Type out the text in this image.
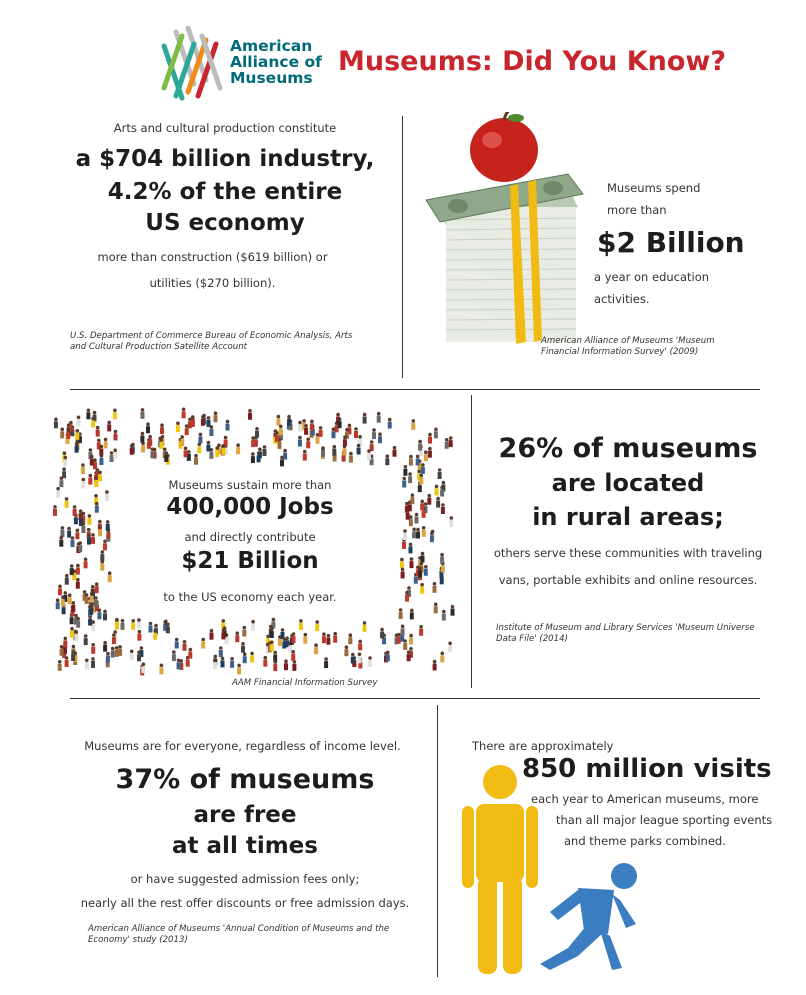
American
Alliance of
Museums
Museums: Did You Know?
Arts and cultural production constitute
a $704 billion industry,
4.2% of the entire
US economy
more than construction ($619 billion) or
utilities ($270 billion).
U.S. Department of Commerce Bureau of Economic Analysis, Arts
and Cultural Production Satellite Account
Museums spend
more than
$2 Billion
a year on education
activities.
American Alliance of Museums 'Museum
Financial Information Survey' (2009)
Museums sustain more than
400,000 Jobs
and directly contribute
$21 Billion
to the US economy each year.
AAM Financial Information Survey
26% of museums
are located
in rural areas;
others serve these communities with traveling
vans, portable exhibits and online resources.
Institute of Museum and Library Services 'Museum Universe
Data File' (2014)
Museums are for everyone, regardless of income level.
37% of museums
are free
at all times
or have suggested admission fees only;
nearly all the rest offer discounts or free admission days.
American Alliance of Museums 'Annual Condition of Museums and the
Economy' study (2013)
There are approximately
850 million visits
each year to American museums, more
than all major league sporting events
and theme parks combined.
